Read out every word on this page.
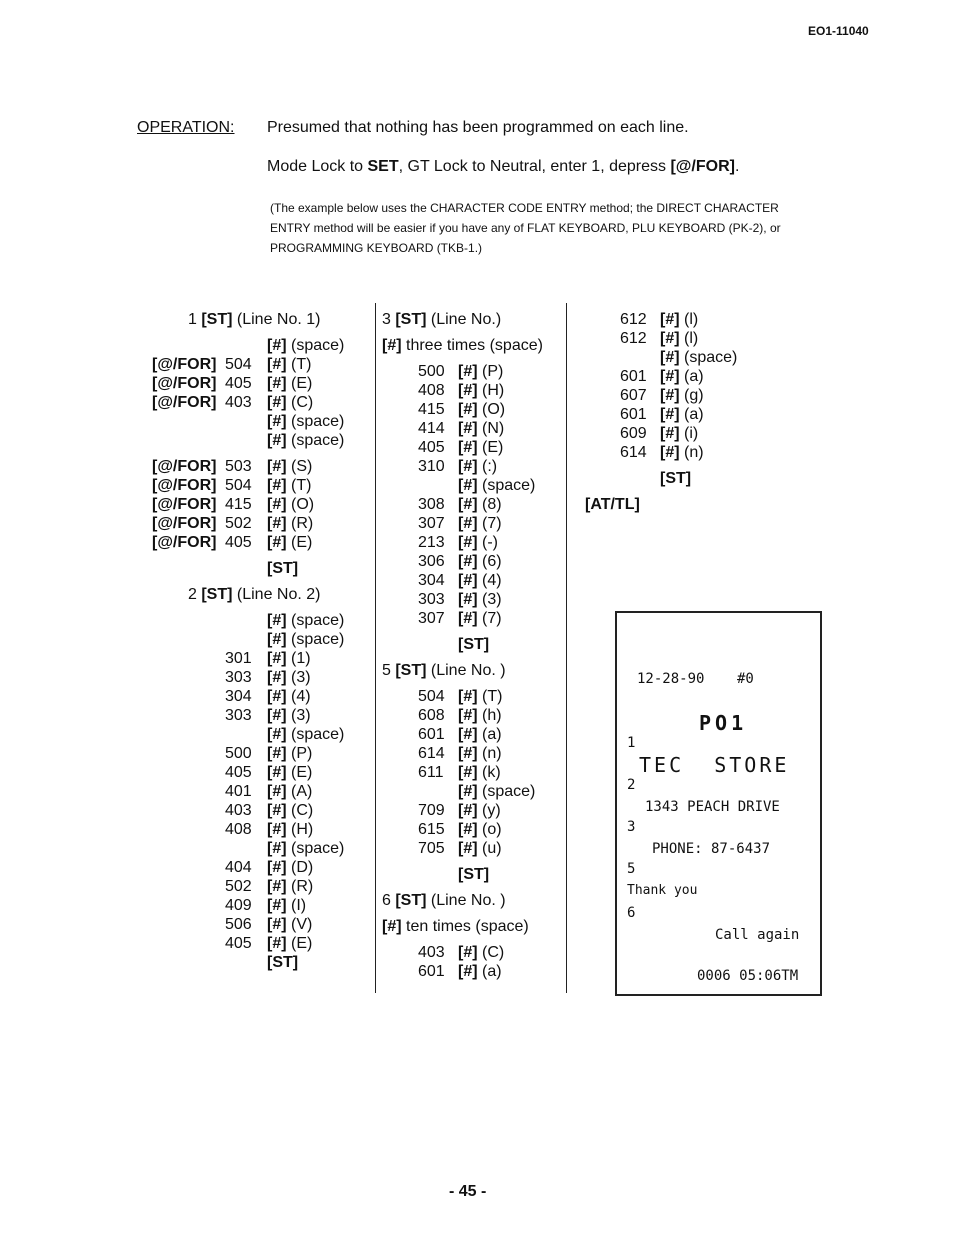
EO1-11040
OPERATION: Presumed that nothing has been programmed on each line.
Mode Lock to SET, GT Lock to Neutral, enter 1, depress [@/FOR].
(The example below uses the CHARACTER CODE ENTRY method; the DIRECT CHARACTER ENTRY method will be easier if you have any of FLAT KEYBOARD, PLU KEYBOARD (PK-2), or PROGRAMMING KEYBOARD (TKB-1.)
1 [ST] (Line No. 1)
[#] (space)
[@/FOR] 504 [#] (T)
[@/FOR] 405 [#] (E)
[@/FOR] 403 [#] (C)
[#] (space)
[#] (space)
[@/FOR] 503 [#] (S)
[@/FOR] 504 [#] (T)
[@/FOR] 415 [#] (O)
[@/FOR] 502 [#] (R)
[@/FOR] 405 [#] (E)
[ST]
2 [ST] (Line No. 2)
[#] (space)
[#] (space)
301 [#] (1)
303 [#] (3)
304 [#] (4)
303 [#] (3)
[#] (space)
500 [#] (P)
405 [#] (E)
401 [#] (A)
403 [#] (C)
408 [#] (H)
[#] (space)
404 [#] (D)
502 [#] (R)
409 [#] (I)
506 [#] (V)
405 [#] (E)
[ST]
3 [ST] (Line No.)
[#] three times (space)
500 [#] (P)
408 [#] (H)
415 [#] (O)
414 [#] (N)
405 [#] (E)
310 [#] (:)
[#] (space)
308 [#] (8)
307 [#] (7)
213 [#] (-)
306 [#] (6)
304 [#] (4)
303 [#] (3)
307 [#] (7)
[ST]
5 [ST] (Line No. )
504 [#] (T)
608 [#] (h)
601 [#] (a)
614 [#] (n)
611 [#] (k)
[#] (space)
709 [#] (y)
615 [#] (o)
705 [#] (u)
[ST]
6 [ST] (Line No. )
[#] ten times (space)
403 [#] (C)
601 [#] (a)
612 [#] (l)
612 [#] (l)
[#] (space)
601 [#] (a)
607 [#] (g)
601 [#] (a)
609 [#] (i)
614 [#] (n)
[ST]
[AT/TL]
12-28-90 #0
PO1
1
TEC  STORE
2
1343 PEACH DRIVE
3
PHONE: 87-6437
5
Thank you
6
Call again
0006 05:06TM
- 45 -
